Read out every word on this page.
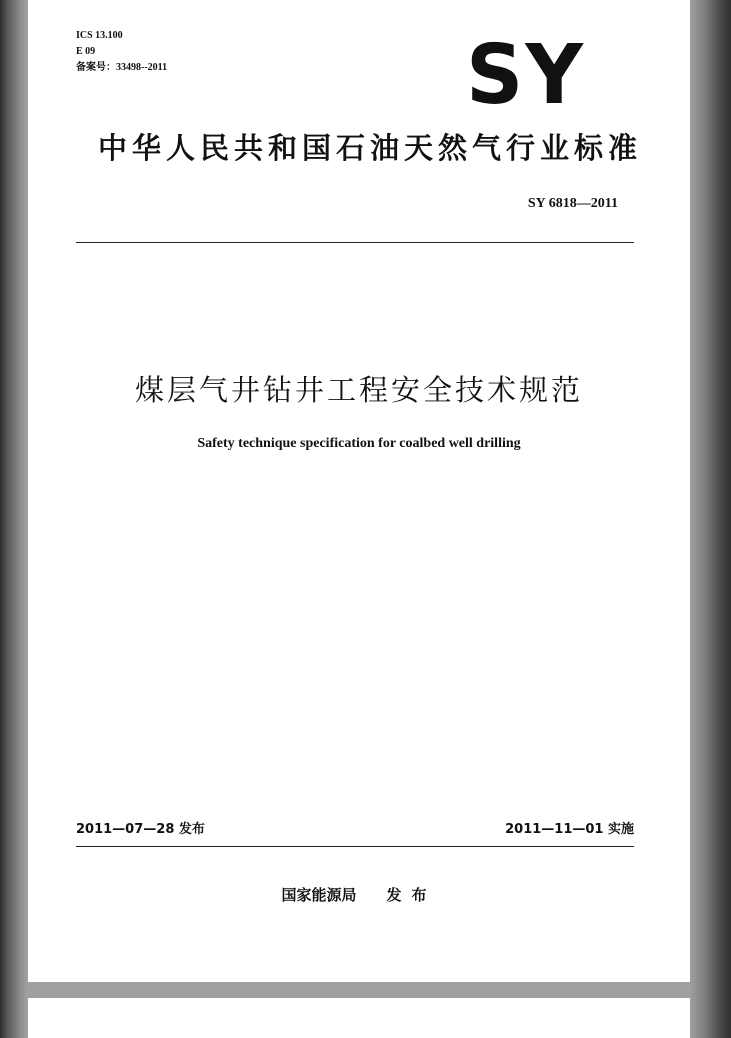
ICS 13.100
E 09
备案号：33498--2011	SY
中华人民共和国石油天然气行业标准
SY 6818—2011
煤层气井钻井工程安全技术规范
Safety technique specification for coalbed well drilling
2011—07—28 发布	2011—11—01 实施
国家能源局 发布
